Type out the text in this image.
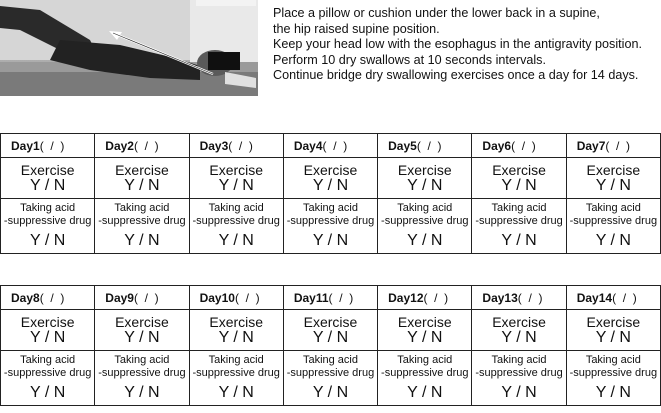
Place a pillow or cushion under the lower back in a supine,
the hip raised supine position.
Keep your head low with the esophagus in the antigravity position.
Perform 10 dry swallows at 10 seconds intervals.
Continue bridge dry swallowing exercises once a day for 14 days.
Day1(  /  )	Day2(  /  )	Day3(  /  )	Day4(  /  )	Day5(  /  )	Day6(  /  )	Day7(  /  )

Exercise
Y / N	Exercise
Y / N	Exercise
Y / N	Exercise
Y / N	Exercise
Y / N	Exercise
Y / N	Exercise
Y / N

Taking acid
-suppressive drug
Y / N	Taking acid
-suppressive drug
Y / N	Taking acid
-suppressive drug
Y / N	Taking acid
-suppressive drug
Y / N	Taking acid
-suppressive drug
Y / N	Taking acid
-suppressive drug
Y / N	Taking acid
-suppressive drug
Y / N
Day8(  /  )	Day9(  /  )	Day10(  /  )	Day11(  /  )	Day12(  /  )	Day13(  /  )	Day14(  /  )

Exercise
Y / N	Exercise
Y / N	Exercise
Y / N	Exercise
Y / N	Exercise
Y / N	Exercise
Y / N	Exercise
Y / N

Taking acid
-suppressive drug
Y / N	Taking acid
-suppressive drug
Y / N	Taking acid
-suppressive drug
Y / N	Taking acid
-suppressive drug
Y / N	Taking acid
-suppressive drug
Y / N	Taking acid
-suppressive drug
Y / N	Taking acid
-suppressive drug
Y / N
